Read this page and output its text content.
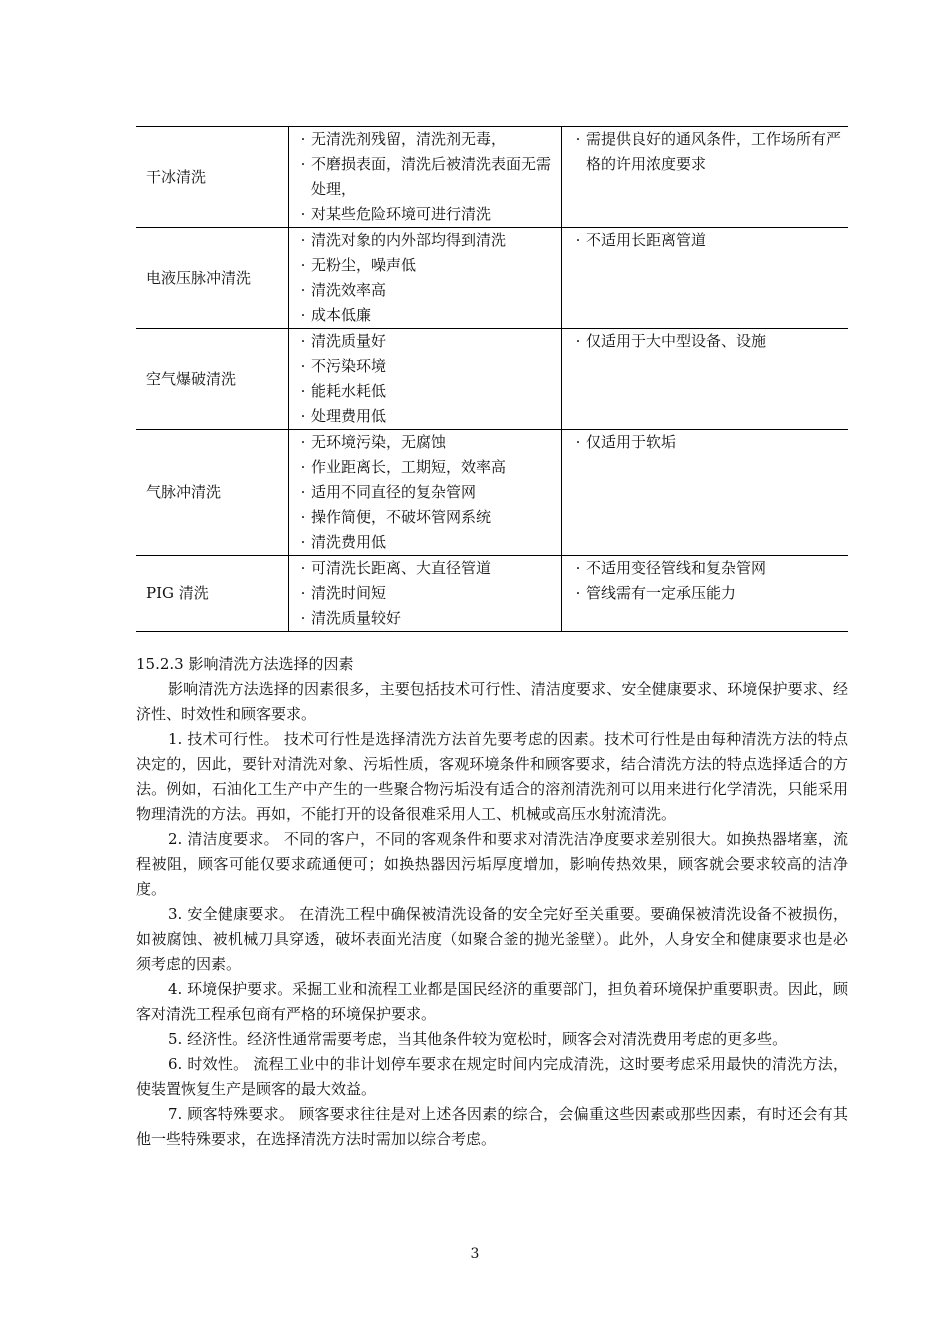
干冰清洗	· 无清洗剂残留，清洗剂无毒，
· 不磨损表面，清洗后被清洗表面无需处理，
· 对某些危险环境可进行清洗	· 需提供良好的通风条件，工作场所有严格的许用浓度要求

电液压脉冲清洗	· 清洗对象的内外部均得到清洗
· 无粉尘，噪声低
· 清洗效率高
· 成本低廉	· 不适用长距离管道

空气爆破清洗	· 清洗质量好
· 不污染环境
· 能耗水耗低
· 处理费用低	· 仅适用于大中型设备、设施

气脉冲清洗	· 无环境污染，无腐蚀
· 作业距离长，工期短，效率高
· 适用不同直径的复杂管网
· 操作简便，不破坏管网系统
· 清洗费用低	· 仅适用于软垢

PIG 清洗	· 可清洗长距离、大直径管道
· 清洗时间短
· 清洗质量较好	· 不适用变径管线和复杂管网
· 管线需有一定承压能力
15.2.3 影响清洗方法选择的因素

影响清洗方法选择的因素很多，主要包括技术可行性、清洁度要求、安全健康要求、环境保护要求、经济性、时效性和顾客要求。

1. 技术可行性。 技术可行性是选择清洗方法首先要考虑的因素。技术可行性是由每种清洗方法的特点决定的，因此，要针对清洗对象、污垢性质，客观环境条件和顾客要求，结合清洗方法的特点选择适合的方法。例如，石油化工生产中产生的一些聚合物污垢没有适合的溶剂清洗剂可以用来进行化学清洗，只能采用物理清洗的方法。再如，不能打开的设备很难采用人工、机械或高压水射流清洗。

2. 清洁度要求。 不同的客户，不同的客观条件和要求对清洗洁净度要求差别很大。如换热器堵塞，流程被阻，顾客可能仅要求疏通便可；如换热器因污垢厚度增加，影响传热效果，顾客就会要求较高的洁净度。

3. 安全健康要求。 在清洗工程中确保被清洗设备的安全完好至关重要。要确保被清洗设备不被损伤，如被腐蚀、被机械刀具穿透，破坏表面光洁度（如聚合釜的抛光釜壁）。此外，人身安全和健康要求也是必须考虑的因素。

4. 环境保护要求。采掘工业和流程工业都是国民经济的重要部门，担负着环境保护重要职责。因此，顾客对清洗工程承包商有严格的环境保护要求。

5. 经济性。经济性通常需要考虑，当其他条件较为宽松时，顾客会对清洗费用考虑的更多些。

6. 时效性。 流程工业中的非计划停车要求在规定时间内完成清洗，这时要考虑采用最快的清洗方法，使装置恢复生产是顾客的最大效益。

7. 顾客特殊要求。 顾客要求往往是对上述各因素的综合，会偏重这些因素或那些因素，有时还会有其他一些特殊要求，在选择清洗方法时需加以综合考虑。

3
